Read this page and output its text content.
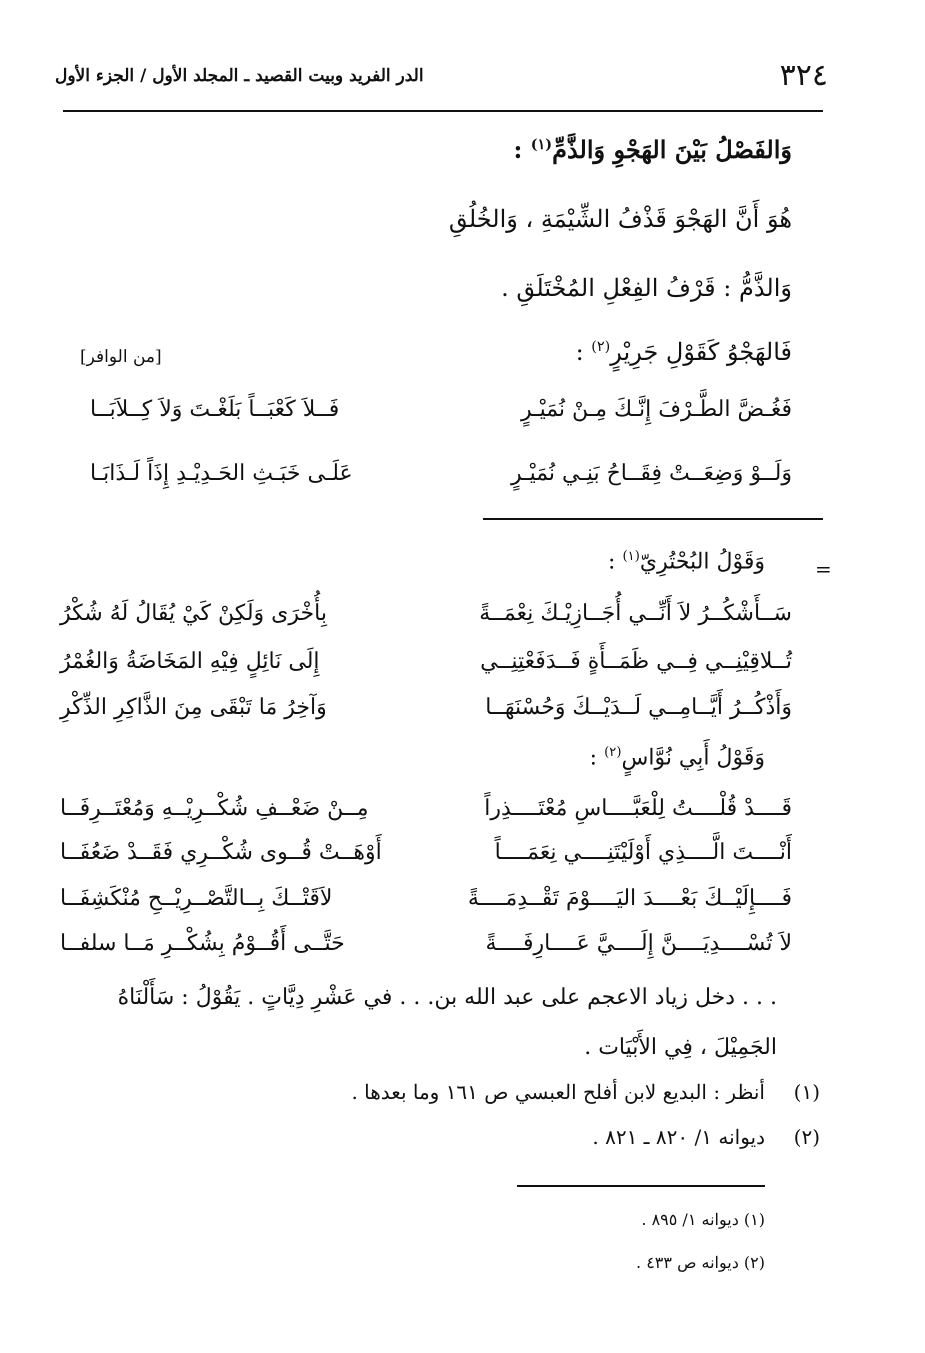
٣٢٤
الدر الفريد وبيت القصيد ـ المجلد الأول / الجزء الأول
وَالفَصْلُ بَيْنَ الهَجْوِ وَالذَّمِّ$^{(١)}$ :
هُوَ أَنَّ الهَجْوَ قَذْفُ الشِّيْمَةِ ، وَالخُلُقِ
وَالذَّمُّ : قَرْفُ الفِعْلِ المُخْتَلَقِ .
فَالهَجْوُ كَقَوْلِ جَرِيْرٍ$^{(٢)}$ :
[من الوافر]
فَغُـضَّ الطَّـرْفَ إِنَّـكَ مِـنْ نُمَيْـرٍ
فَــلاَ كَعْبَــاً بَلَغْـتَ وَلاَ كِــلاَبَــا
وَلَــوْ وَضِعَــتْ فِقَــاحُ بَنِـي نُمَيْـرٍ
عَلَـى خَبَـثِ الحَـدِيْـدِ إِذَاً لَـذَابَـا
=
وَقَوْلُ البُحْتُرِيّ$^{(١)}$ :
سَــأَشْكُــرُ لاَ أَنِّــي أُجَــازِيْـكَ نِعْمَــةً
بِأُخْرَى وَلَكِنْ كَيْ يُقَالُ لَهُ شُكْرُ
تُــلاقِيْنِــي فِــي ظَمَــأَةٍ فَــدَفَعْتِنِــي
إِلَى نَائِلٍ فِيْهِ المَخَاضَةُ وَالغُمْرُ
وَأَذْكُــرُ أَيَّــامِــي لَــدَيْــكَ وَحُسْنَهَــا
وَآخِرُ مَا تَبْقَى مِنَ الذَّاكِرِ الذِّكْرِ
وَقَوْلُ أَبِي نُوَّاسٍ$^{(٢)}$ :
قَــــدْ قُلْــــتُ لِلْعَبَّــــاسِ مُعْتَــــذِراً
مِــنْ ضَعْــفِ شُكْــرِيْــهِ وَمُعْتَــرِفَــا
أَنْــــتَ الَّــــذِي أَوْلَيْتَنِــــي نِعَمَــــاً
أَوْهَــتْ قُــوى شُكْــرِي فَقَــدْ ضَعُفَــا
فَــــإِلَيْــكَ بَعْــــدَ اليَــــوْمَ تَقْــدِمَــــةً
لاَقَتْــكَ بِــالتَّصْــرِيْــحِ مُنْكَشِفَــا
لاَ تُسْــــدِيَــــنَّ إِلَــــيَّ عَــــارِفَــــةً
حَتَّــى أَقُــوْمُ بِشُكْــرِ مَــا سلفــا
. . . دخل زياد الاعجم على عبد الله بن. . . في عَشْرِ دِيَّاتٍ . يَقُوْلُ : سَأَلْنَاهُ
الجَمِيْلَ ، فِي الأَبْيَات .
(١)
أنظر : البديع لابن أفلح العبسي ص ١٦١ وما بعدها .
(٢)
ديوانه ١/ ٨٢٠ ـ ٨٢١ .
(١) ديوانه ١/ ٨٩٥ .
(٢) ديوانه ص ٤٣٣ .
